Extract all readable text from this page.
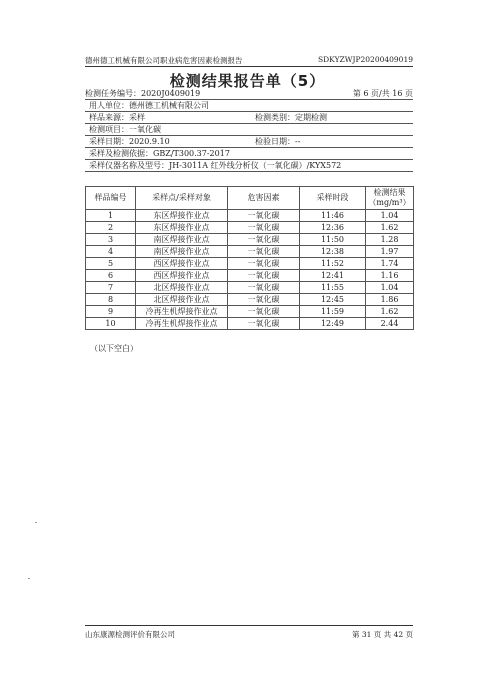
德州德工机械有限公司职业病危害因素检测报告	SDKYZWJP20200409019
检测结果报告单（5）
检测任务编号：2020J0409019	第 6 页/共 16 页
用人单位：德州德工机械有限公司
样品来源：采样	检测类别：定期检测
检测项目：一氧化碳
采样日期：2020.9.10	检验日期：--
采样及检测依据：GBZ/T300.37-2017
采样仪器名称及型号：JH-3011A 红外线分析仪（一氧化碳）/KYX572
样品编号	采样点/采样对象	危害因素	采样时段	检测结果
（mg/m³）

1	东区焊接作业点	一氧化碳	11:46	1.04
2	东区焊接作业点	一氧化碳	12:36	1.62
3	南区焊接作业点	一氧化碳	11:50	1.28
4	南区焊接作业点	一氧化碳	12:38	1.97
5	西区焊接作业点	一氧化碳	11:52	1.74
6	西区焊接作业点	一氧化碳	12:41	1.16
7	北区焊接作业点	一氧化碳	11:55	1.04
8	北区焊接作业点	一氧化碳	12:45	1.86
9	冷再生机焊接作业点	一氧化碳	11:59	1.62
10	冷再生机焊接作业点	一氧化碳	12:49	2.44
（以下空白）
山东康源检测评价有限公司	第 31 页 共 42 页
